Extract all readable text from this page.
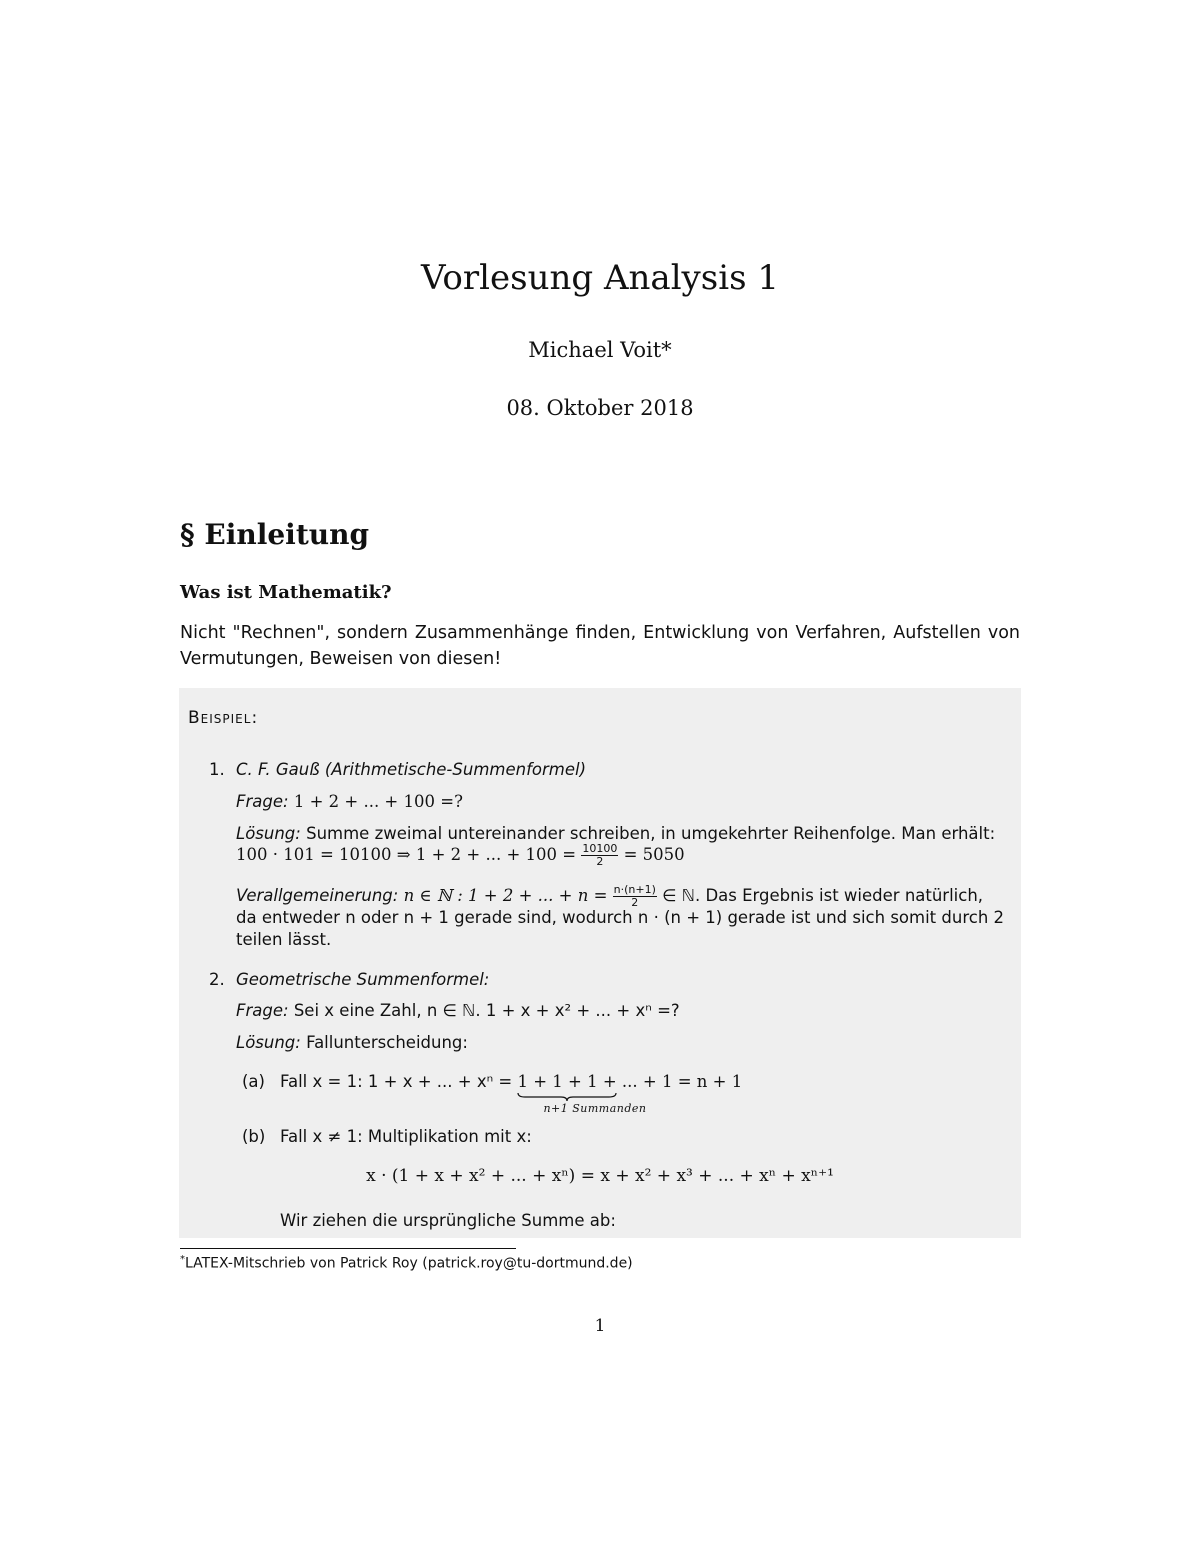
Vorlesung Analysis 1
Michael Voit*
08. Oktober 2018
§ Einleitung
Was ist Mathematik?
Nicht "Rechnen", sondern Zusammenhänge finden, Entwicklung von Verfahren, Aufstellen von Vermutungen, Beweisen von diesen!
Beispiel:
1. C. F. Gauß (Arithmetische-Summenformel)
Frage: 1 + 2 + ... + 100 =?
Lösung: Summe zweimal untereinander schreiben, in umgekehrter Reihenfolge. Man erhält:
100 · 101 = 10100 ⇒ 1 + 2 + ... + $100 = \frac{10100}{2} = 5050$
Verallgemeinerung: n ∈ ℕ : 1 + 2 + ... + $n = \frac{n\cdot(n+1)}{2}$ ∈ ℕ. Das Ergebnis ist wieder natürlich,
da entweder n oder n + 1 gerade sind, wodurch n · (n + 1) gerade ist und sich somit durch 2
teilen lässt.
2. Geometrische Summenformel:
Frage: Sei x eine Zahl, n ∈ ℕ. 1 + x + x² + ... + xⁿ =?
Lösung: Fallunterscheidung:
(a) Fall x = 1: 1 + x + ... + xⁿ = 1 + 1 + 1 + ... + 1
n+1 Summanden
= n + 1
(b) Fall x ≠ 1: Multiplikation mit x:
x · (1 + x + x² + ... + xⁿ) = x + x² + x³ + ... + xⁿ + xⁿ⁺¹
Wir ziehen die ursprüngliche Summe ab:
*LATEX-Mitschrieb von Patrick Roy (patrick.roy@tu-dortmund.de)
1
